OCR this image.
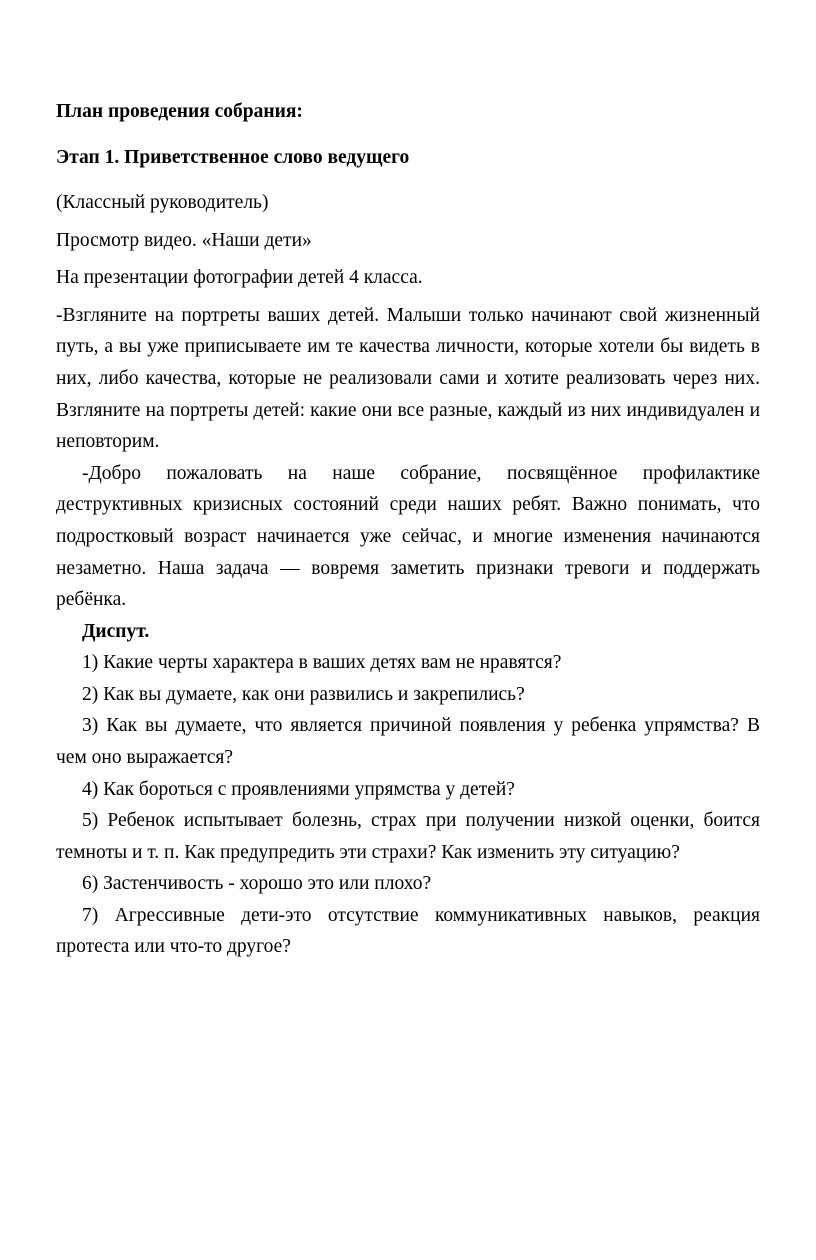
План проведения собрания:

Этап 1. Приветственное слово ведущего

(Классный руководитель)

Просмотр видео. «Наши дети»

На презентации фотографии детей 4 класса.

-Взгляните на портреты ваших детей. Малыши только начинают свой жизненный путь, а вы уже приписываете им те качества личности, которые хотели бы видеть в них, либо качества, которые не реализовали сами и хотите реализовать через них. Взгляните на портреты детей: какие они все разные, каждый из них индивидуален и неповторим.

-Добро пожаловать на наше собрание, посвящённое профилактике деструктивных кризисных состояний среди наших ребят. Важно понимать, что подростковый возраст начинается уже сейчас, и многие изменения начинаются незаметно. Наша задача — вовремя заметить признаки тревоги и поддержать ребёнка.

Диспут.

1) Какие черты характера в ваших детях вам не нравятся?

2) Как вы думаете, как они развились и закрепились?

3) Как вы думаете, что является причиной появления у ребенка упрямства? В чем оно выражается?

4) Как бороться с проявлениями упрямства у детей?

5) Ребенок испытывает болезнь, страх при получении низкой оценки, боится темноты и т. п. Как предупредить эти страхи? Как изменить эту ситуацию?

6) Застенчивость - хорошо это или плохо?

7) Агрессивные дети-это отсутствие коммуникативных навыков, реакция протеста или что-то другое?
